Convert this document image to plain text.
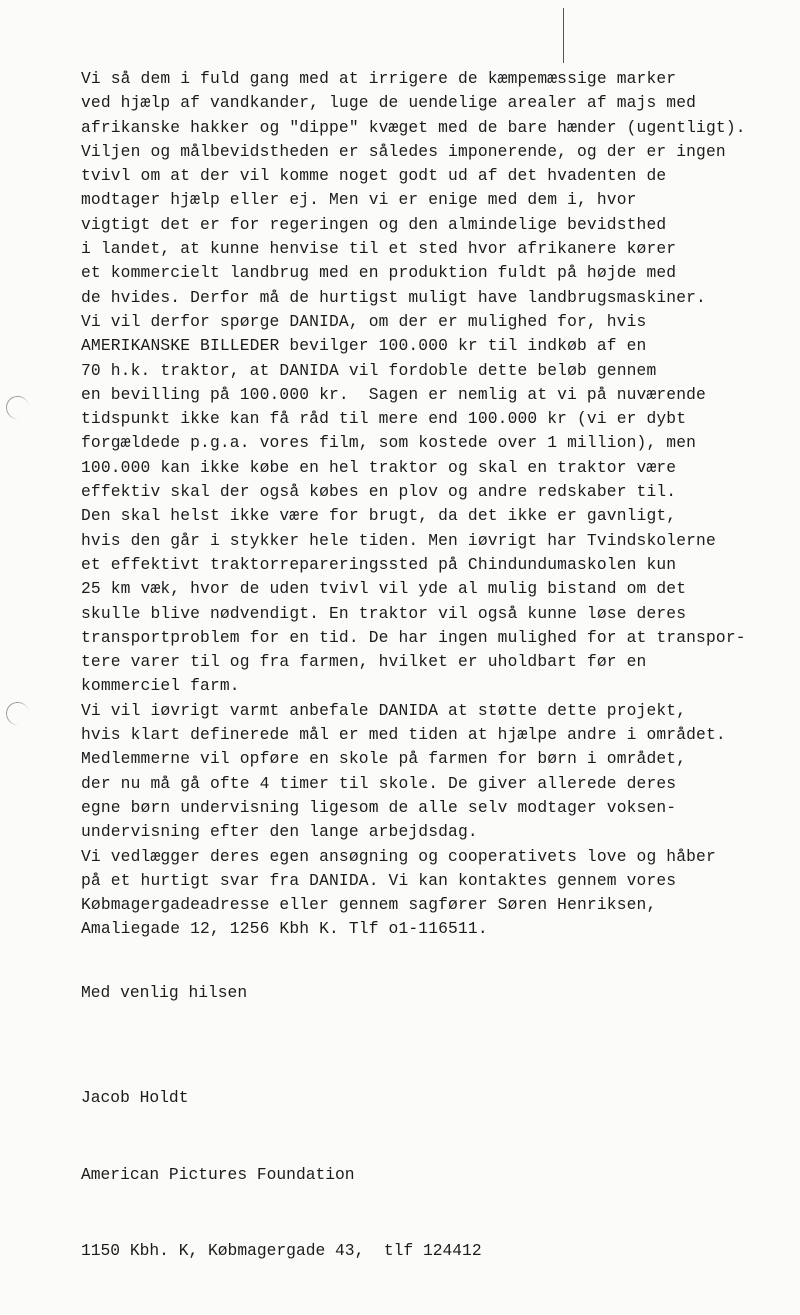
Vi så dem i fuld gang med at irrigere de kæmpemæssige marker
ved hjælp af vandkander, luge de uendelige arealer af majs med
afrikanske hakker og "dippe" kvæget med de bare hænder (ugentligt).
Viljen og målbevidstheden er således imponerende, og der er ingen
tvivl om at der vil komme noget godt ud af det hvadenten de
modtager hjælp eller ej. Men vi er enige med dem i, hvor
vigtigt det er for regeringen og den almindelige bevidsthed
i landet, at kunne henvise til et sted hvor afrikanere kører
et kommercielt landbrug med en produktion fuldt på højde med
de hvides. Derfor må de hurtigst muligt have landbrugsmaskiner.
Vi vil derfor spørge DANIDA, om der er mulighed for, hvis
AMERIKANSKE BILLEDER bevilger 100.000 kr til indkøb af en
70 h.k. traktor, at DANIDA vil fordoble dette beløb gennem
en bevilling på 100.000 kr.  Sagen er nemlig at vi på nuværende
tidspunkt ikke kan få råd til mere end 100.000 kr (vi er dybt
forgældede p.g.a. vores film, som kostede over 1 million), men
100.000 kan ikke købe en hel traktor og skal en traktor være
effektiv skal der også købes en plov og andre redskaber til.
Den skal helst ikke være for brugt, da det ikke er gavnligt,
hvis den går i stykker hele tiden. Men iøvrigt har Tvindskolerne
et effektivt traktorrepareringssted på Chindundumaskolen kun
25 km væk, hvor de uden tvivl vil yde al mulig bistand om det
skulle blive nødvendigt. En traktor vil også kunne løse deres
transportproblem for en tid. De har ingen mulighed for at transpor-
tere varer til og fra farmen, hvilket er uholdbart før en
kommerciel farm.
Vi vil iøvrigt varmt anbefale DANIDA at støtte dette projekt,
hvis klart definerede mål er med tiden at hjælpe andre i området.
Medlemmerne vil opføre en skole på farmen for børn i området,
der nu må gå ofte 4 timer til skole. De giver allerede deres
egne børn undervisning ligesom de alle selv modtager voksen-
undervisning efter den lange arbejdsdag.
Vi vedlægger deres egen ansøgning og cooperativets love og håber
på et hurtigt svar fra DANIDA. Vi kan kontaktes gennem vores
Købmagergadeadresse eller gennem sagfører Søren Henriksen,
Amaliegade 12, 1256 Kbh K. Tlf o1-116511.
Med venlig hilsen

Jacob Holdt

American Pictures Foundation

1150 Kbh. K, Købmagergade 43,  tlf 124412
